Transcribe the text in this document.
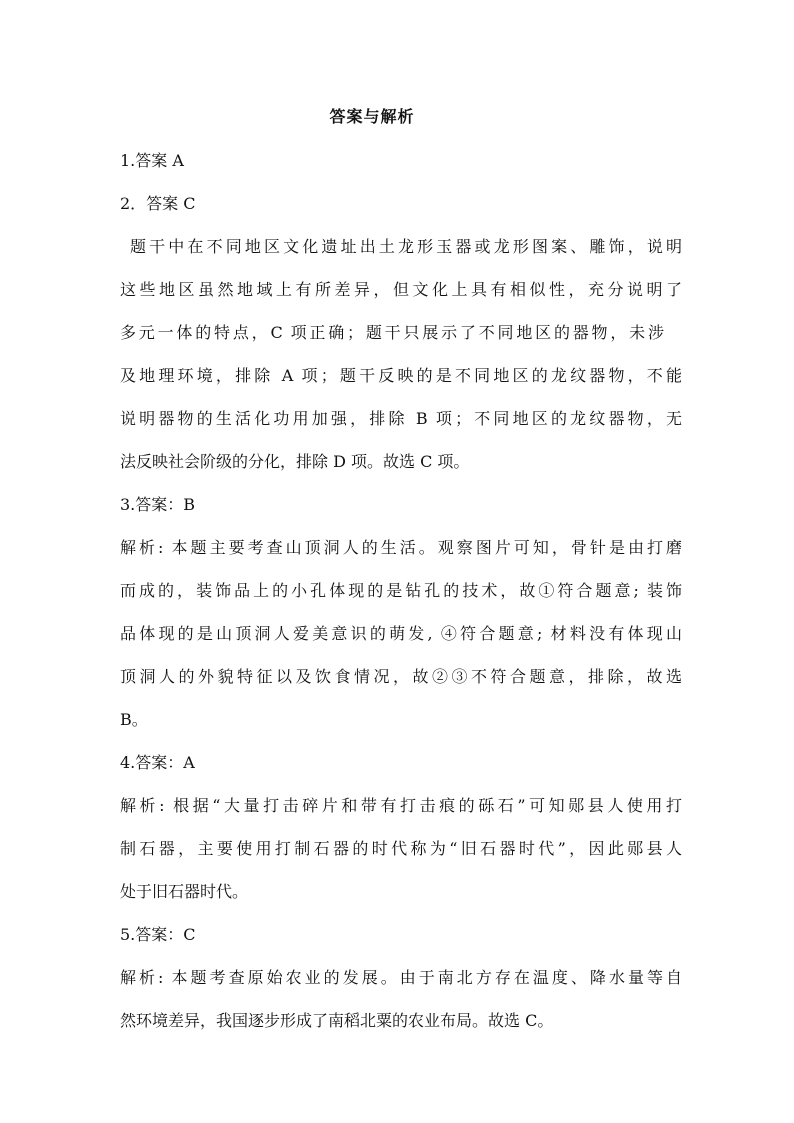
答案与解析
1.答案 A
2．答案 C
题干中在不同地区文化遗址出土龙形玉器或龙形图案、雕饰，说明
这些地区虽然地域上有所差异，但文化上具有相似性，充分说明了
多元一体的特点，C 项正确；题干只展示了不同地区的器物，未涉
及地理环境，排除 A 项；题干反映的是不同地区的龙纹器物，不能
说明器物的生活化功用加强，排除 B 项；不同地区的龙纹器物，无
法反映社会阶级的分化，排除 D 项。故选 C 项。
3.答案：B
解析: 本题主要考查山顶洞人的生活。观察图片可知，骨针是由打磨
而成的，装饰品上的小孔体现的是钻孔的技术，故①符合题意; 装饰
品体现的是山顶洞人爱美意识的萌发, ④符合题意; 材料没有体现山
顶洞人的外貌特征以及饮食情况，故②③不符合题意，排除，故选
B。
4.答案：A
解析: 根据“大量打击碎片和带有打击痕的砾石”可知郧县人使用打
制石器，主要使用打制石器的时代称为“旧石器时代”，因此郧县人
处于旧石器时代。
5.答案：C
解析: 本题考查原始农业的发展。由于南北方存在温度、降水量等自
然环境差异，我国逐步形成了南稻北粟的农业布局。故选 C。
